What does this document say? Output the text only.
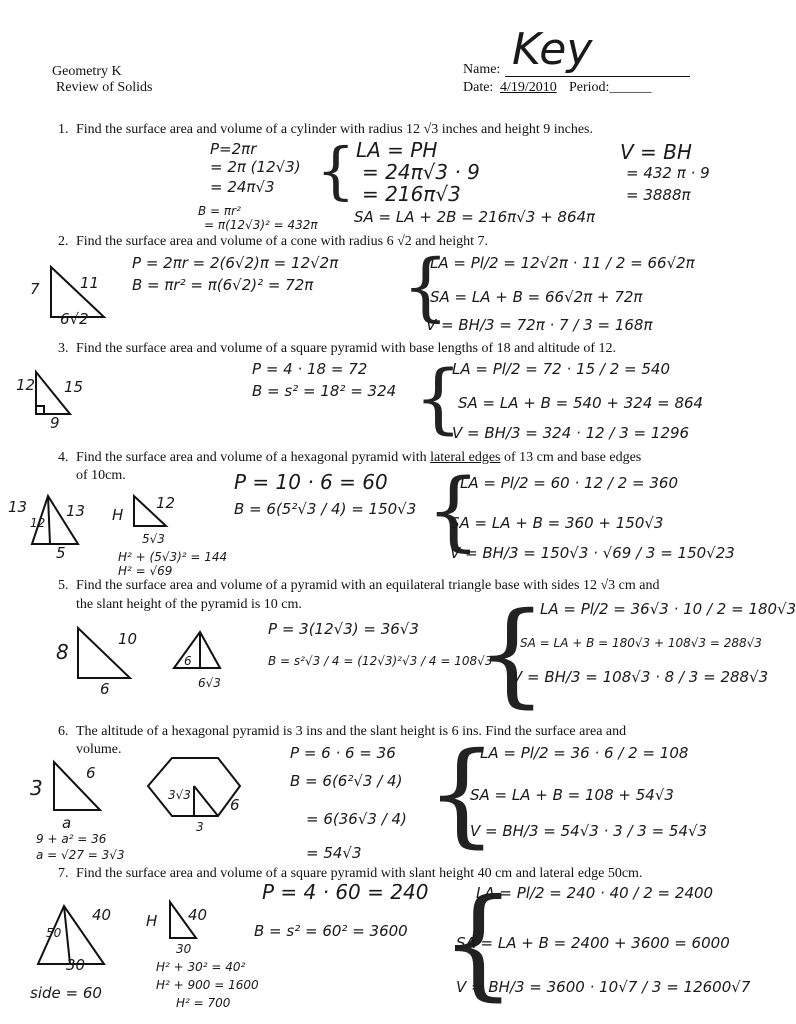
Geometry K
Review of Solids
Name: Key
Date: 4/19/2010 Period:______
1. Find the surface area and volume of a cylinder with radius 12 √3 inches and height 9 inches.
P=2πr
= 2π (12√3)
= 24π√3
B = πr²
= π(12√3)² = 432π
{ LA = PH
= 24π√3 · 9
= 216π√3
SA = LA + 2B = 216π√3 + 864π
V = BH
= 432 π · 9
= 3888π
2. Find the surface area and volume of a cone with radius 6 √2 and height 7.
7	11
6√2
P = 2πr = 2(6√2)π = 12√2π
B = πr² = π(6√2)² = 72π {
LA = Pl/2 = 12√2π · 11 / 2 = 66√2π
SA = LA + B = 66√2π + 72π
V = BH/3 = 72π · 7 / 3 = 168π
3. Find the surface area and volume of a square pyramid with base lengths of 18 and altitude of 12.
12 15
9
P = 4 · 18 = 72
B = s² = 18² = 324 {
LA = Pl/2 = 72 · 15 / 2 = 540
SA = LA + B = 540 + 324 = 864
V = BH/3 = 324 · 12 / 3 = 1296
4. Find the surface area and volume of a hexagonal pyramid with lateral edges of 13 cm and base edges
of 10cm.
13
12
13
5
H
12
5√3
H² + (5√3)² = 144
H² = √69
P = 10 · 6 = 60
B = 6(5²√3 / 4) = 150√3 {
LA = Pl/2 = 60 · 12 / 2 = 360
SA = LA + B = 360 + 150√3
V = BH/3 = 150√3 · √69 / 3 = 150√23
5. Find the surface area and volume of a pyramid with an equilateral triangle base with sides 12 √3 cm and
the slant height of the pyramid is 10 cm.
8
10
6
6
6√3
P = 3(12√3) = 36√3
B = s²√3 / 4 = (12√3)²√3 / 4 = 108√3
{
LA = Pl/2 = 36√3 · 10 / 2 = 180√3
SA = LA + B = 180√3 + 108√3 = 288√3
V = BH/3 = 108√3 · 8 / 3 = 288√3
6. The altitude of a hexagonal pyramid is 3 ins and the slant height is 6 ins. Find the surface area and
volume.
3
6
a
9 + a² = 36
a = √27 = 3√3
3√3
6
3
P = 6 · 6 = 36
B = 6(6²√3 / 4)
= 6(36√3 / 4)
= 54√3 {
LA = Pl/2 = 36 · 6 / 2 = 108
SA = LA + B = 108 + 54√3
V = BH/3 = 54√3 · 3 / 3 = 54√3
7. Find the surface area and volume of a square pyramid with slant height 40 cm and lateral edge 50cm.
50
40
30
H 40
30
H² + 30² = 40²
H² + 900 = 1600
H² = 700
side = 60
P = 4 · 60 = 240
B = s² = 60² = 3600 {
LA = Pl/2 = 240 · 40 / 2 = 2400
SA = LA + B = 2400 + 3600 = 6000
V = BH/3 = 3600 · 10√7 / 3 = 12600√7
